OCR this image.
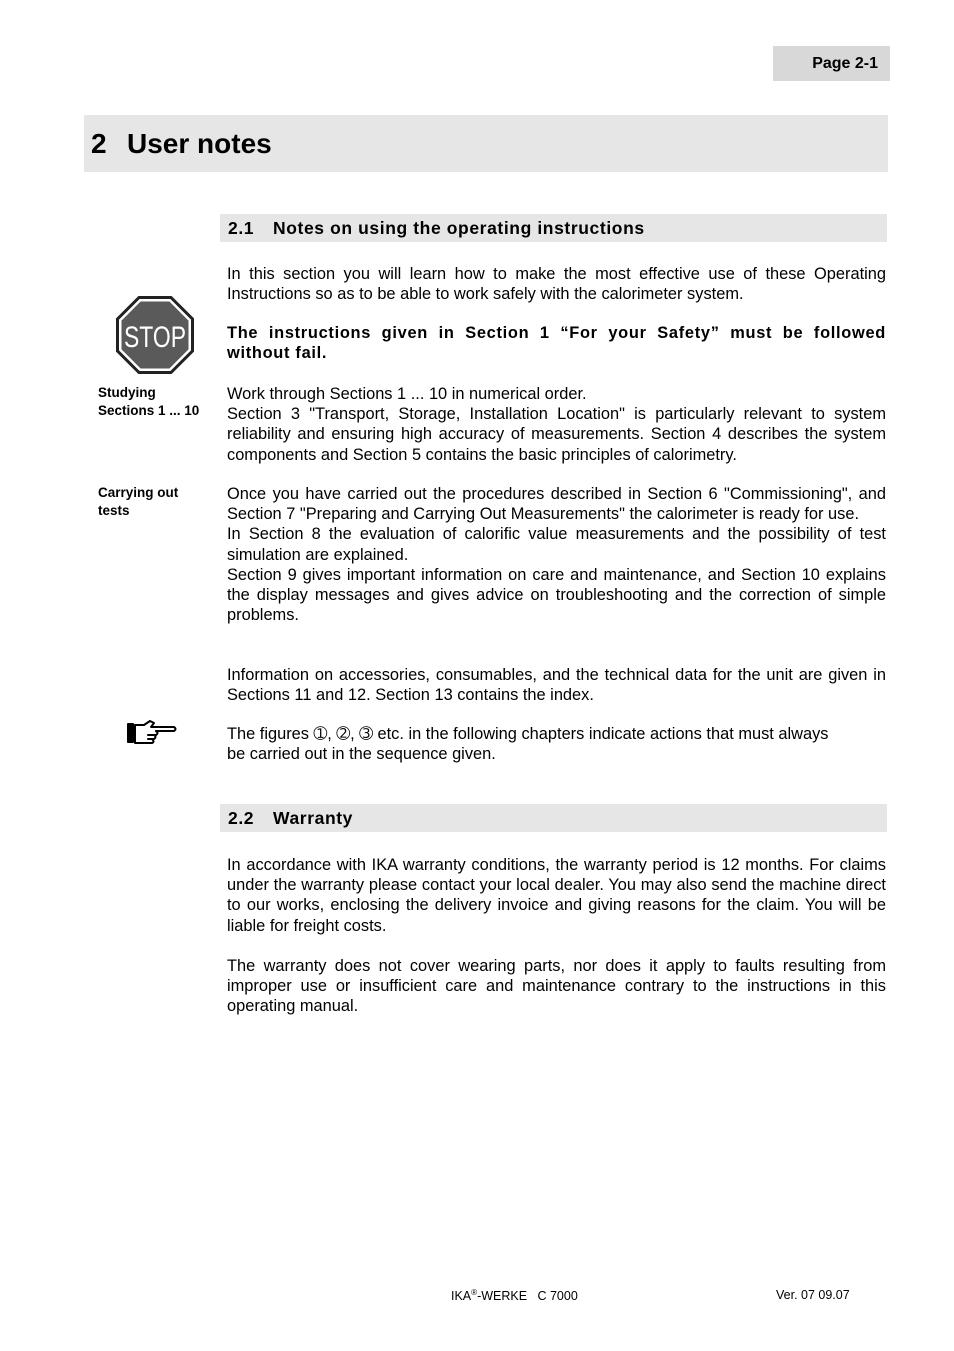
Page 2-1
2 User notes
2.1	Notes on using the operating instructions
STOP

In this section you will learn how to make the most effective use of these Operating Instructions so as to be able to work safely with the calorimeter system.

The instructions given in Section 1 “For your Safety” must be followed without fail.

Studying
Sections 1 ... 10
Work through Sections 1 ... 10 in numerical order.
Section 3 "Transport, Storage, Installation Location" is particularly relevant to system reliability and ensuring high accuracy of measurements. Section 4 describes the system components and Section 5 contains the basic principles of calorimetry.
Carrying out
tests
Once you have carried out the procedures described in Section 6 "Commissioning", and Section 7 "Preparing and Carrying Out Measurements" the calorimeter is ready for use.
In Section 8 the evaluation of calorific value measurements and the possibility of test simulation are explained.
Section 9 gives important information on care and maintenance, and Section 10 explains the display messages and gives advice on troubleshooting and the correction of simple problems.

Information on accessories, consumables, and the technical data for the unit are given in Sections 11 and 12. Section 13 contains the index.

The figures ➀, ➁, ➂ etc. in the following chapters indicate actions that must always
be carried out in the sequence given.
2.2	Warranty

In accordance with IKA warranty conditions, the warranty period is 12 months. For claims under the warranty please contact your local dealer. You may also send the machine direct to our works, enclosing the delivery invoice and giving reasons for the claim. You will be liable for freight costs.

The warranty does not cover wearing parts, nor does it apply to faults resulting from improper use or insufficient care and maintenance contrary to the instructions in this operating manual.

IKA®-WERKE   C 7000	Ver. 07 09.07
